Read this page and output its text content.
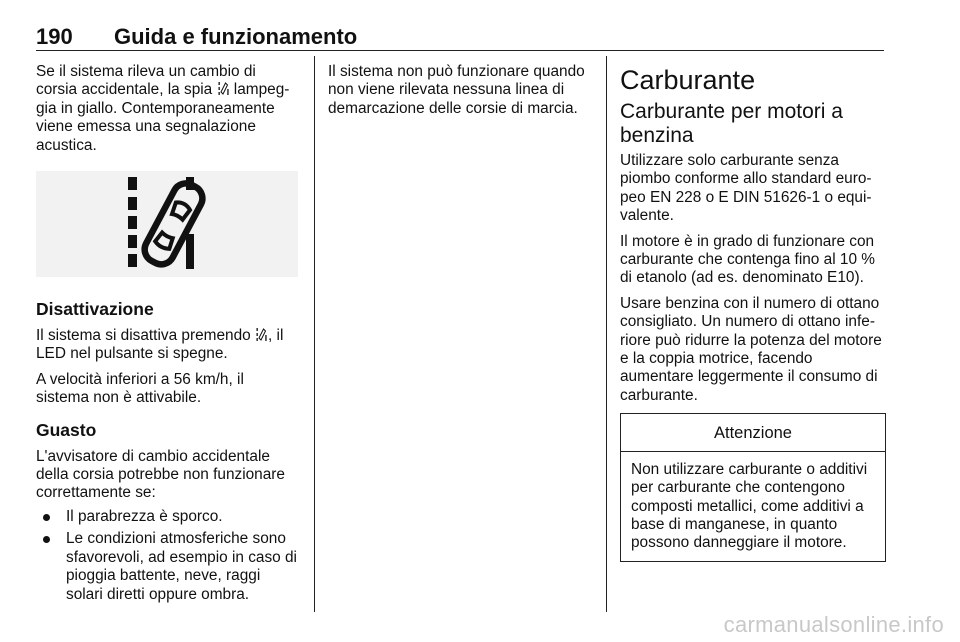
190 Guida e funzionamento

Se il sistema rileva un cambio di corsia accidentale, la spia  lampeg-gia in giallo. Contemporaneamente viene emessa una segnalazione acustica.

Disattivazione

Il sistema si disattiva premendo , il LED nel pulsante si spegne.

A velocità inferiori a 56 km/h, il sistema non è attivabile.

Guasto

L'avvisatore di cambio accidentale della corsia potrebbe non funzionare correttamente se:

Il parabrezza è sporco.
Le condizioni atmosferiche sono sfavorevoli, ad esempio in caso di pioggia battente, neve, raggi solari diretti oppure ombra.

Il sistema non può funzionare quando non viene rilevata nessuna linea di demarcazione delle corsie di marcia.

Carburante
Carburante per motori a benzina

Utilizzare solo carburante senza piombo conforme allo standard euro-peo EN 228 o E DIN 51626-1 o equi-valente.

Il motore è in grado di funzionare con carburante che contenga fino al 10 % di etanolo (ad es. denominato E10).

Usare benzina con il numero di ottano consigliato. Un numero di ottano infe-riore può ridurre la potenza del motore e la coppia motrice, facendo aumentare leggermente il consumo di carburante.

Attenzione
Non utilizzare carburante o additivi per carburante che contengono composti metallici, come additivi a base di manganese, in quanto possono danneggiare il motore.
carmanualsonline.info
